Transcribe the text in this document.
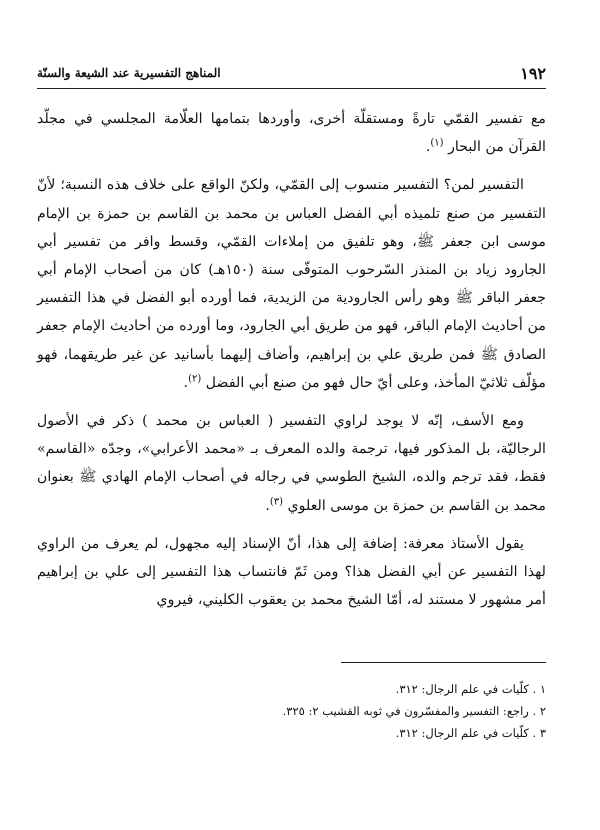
١٩٢
المناهج التفسيرية عند الشيعة والسنّة

مع تفسير القمّي تارةً ومستقلّة أخرى، وأوردها بتمامها العلّامة المجلسي في مجلّد القرآن من البحار $^{(١)}$.

التفسير لمن؟ التفسير منسوب إلى القمّي، ولكنّ الواقع على خلاف هذه النسبة؛ لأنّ التفسير من صنع تلميذه أبي الفضل العباس بن محمد بن القاسم بن حمزة بن الإمام موسى ابن جعفر ﷺ، وهو تلفيق من إملاءات القمّي، وقسط وافر من تفسير أبي الجارود زياد بن المنذر السّرحوب المتوفّى سنة (١٥٠هـ) كان من أصحاب الإمام أبي جعفر الباقر ﷺ وهو رأس الجارودية من الزيدية، فما أورده أبو الفضل في هذا التفسير من أحاديث الإمام الباقر، فهو من طريق أبي الجارود، وما أورده من أحاديث الإمام جعفر الصادق ﷺ فمن طريق علي بن إبراهيم، وأضاف إليهما بأسانيد عن غير طريقهما، فهو مؤلّف ثلاثيّ المأخذ، وعلى أيّ حال فهو من صنع أبي الفضل $^{(٢)}$.

ومع الأسف، إنّه لا يوجد لراوي التفسير ( العباس بن محمد ) ذكر في الأصول الرجاليّة، بل المذكور فيها، ترجمة والده المعرف بـ «محمد الأعرابي»، وجدّه «القاسم» فقط، فقد ترجم والده، الشيخ الطوسي في رجاله في أصحاب الإمام الهادي ﷺ بعنوان محمد بن القاسم بن حمزة بن موسى العلوي $^{(٣)}$.

يقول الأستاذ معرفة: إضافة إلى هذا، أنّ الإسناد إليه مجهول، لم يعرف من الراوي لهذا التفسير عن أبي الفضل هذا؟ ومن ثَمّ فانتساب هذا التفسير إلى علي بن إبراهيم أمر مشهور لا مستند له، أمّا الشيخ محمد بن يعقوب الكليني، فيروي

١ . كلّيات في علم الرجال: ٣١٢.
٢ . راجع: التفسير والمفسّرون في ثوبه القشيب ٢: ٣٢٥.
٣ . كلّيات في علم الرجال: ٣١٢.
